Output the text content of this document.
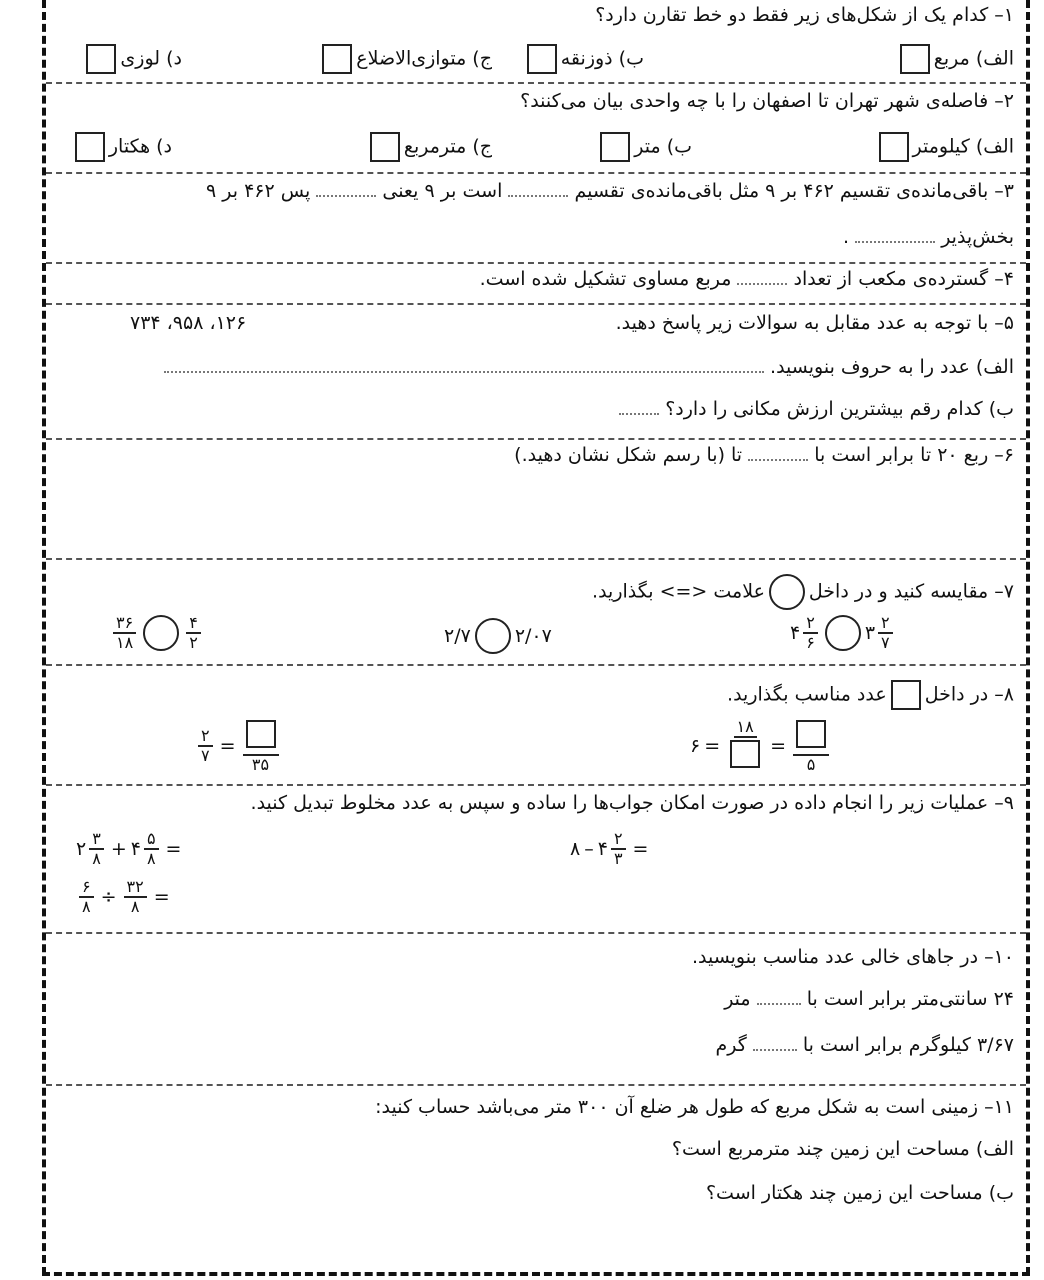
۱– کدام یک از شکل‌های زیر فقط دو خط تقارن دارد؟
الف) مربع
ب) ذوزنقه
ج) متوازی‌الاضلاع
د) لوزی
۲– فاصله‌ی شهر تهران تا اصفهان را با چه واحدی بیان می‌کنند؟
الف) کیلومتر
ب) متر
ج) مترمربع
د) هکتار
۳– باقی‌مانده‌ی تقسیم ۴۶۲ بر ۹ مثل باقی‌مانده‌ی تقسیم  است بر ۹ یعنی  پس ۴۶۲ بر ۹
بخش‌پذیر  .
۴– گسترده‌ی مکعب از تعداد  مربع مساوی تشکیل شده است.
۵– با توجه به عدد مقابل به سوالات زیر پاسخ دهید.
۷۳۴ ،۹۵۸ ،۱۲۶
الف) عدد را به حروف بنویسید.
ب) کدام رقم بیشترین ارزش مکانی را دارد؟
۶– ربع ۲۰ تا برابر است با  تا (با رسم شکل نشان دهید.)
۷– مقایسه کنید و در داخلعلامت <=> بگذارید.
$\frac{۳۶}{۱۸}$	$\frac{۴}{۲}$	۲/۷ ۲/۰۷	۴ $\frac{۲}{۶}$ ۳ $\frac{۲}{۷}$
۸– در داخلعدد مناسب بگذارید.
$\frac{۲}{۷}$ =
۳۵
۶ =
۱۸
=
۵
۹– عملیات زیر را انجام داده در صورت امکان جواب‌ها را ساده و سپس به عدد مخلوط تبدیل کنید.
۲ $\frac{۳}{۸}$ + ۴ $\frac{۵}{۸}$ =	۸ – ۴ $\frac{۲}{۳}$ =
$\frac{۶}{۸} \div \frac{۳۲}{۸}$ =
۱۰– در جاهای خالی عدد مناسب بنویسید.
۲۴ سانتی‌متر برابر است با  متر
۳/۶۷ کیلوگرم برابر است با  گرم
۱۱– زمینی است به شکل مربع که طول هر ضلع آن ۳۰۰ متر می‌باشد حساب کنید:
الف) مساحت این زمین چند مترمربع است؟
ب) مساحت این زمین چند هکتار است؟
